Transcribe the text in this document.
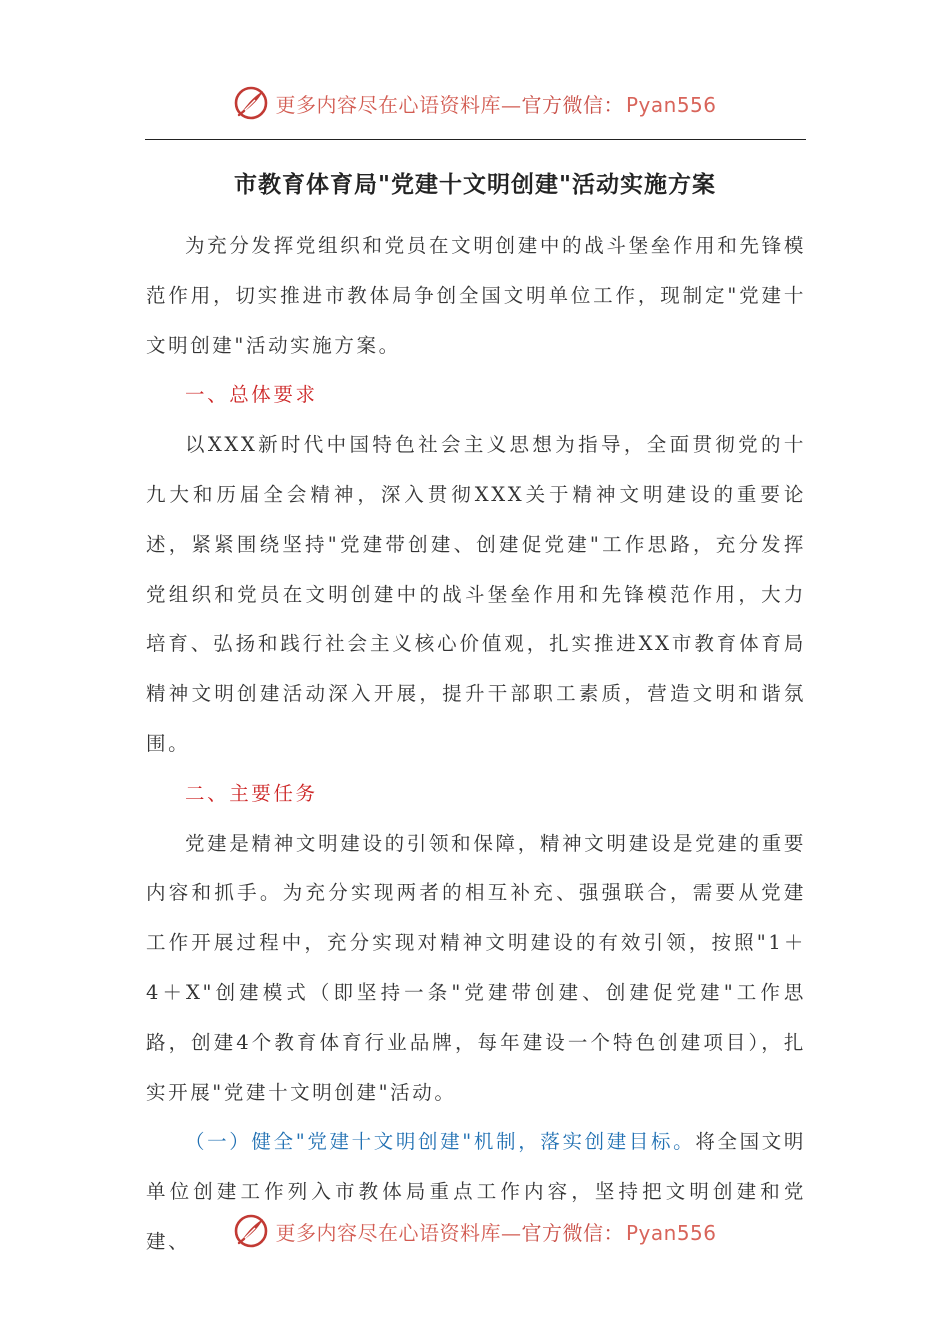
更多内容尽在心语资料库—官方微信： Pyan556
市教育体育局"党建十文明创建"活动实施方案

为充分发挥党组织和党员在文明创建中的战斗堡垒作用和先锋模范作用，切实推进市教体局争创全国文明单位工作，现制定"党建十文明创建"活动实施方案。

一、总体要求

以XXX新时代中国特色社会主义思想为指导，全面贯彻党的十九大和历届全会精神，深入贯彻XXX关于精神文明建设的重要论述，紧紧围绕坚持"党建带创建、创建促党建"工作思路，充分发挥党组织和党员在文明创建中的战斗堡垒作用和先锋模范作用，大力培育、弘扬和践行社会主义核心价值观，扎实推进XX市教育体育局精神文明创建活动深入开展，提升干部职工素质，营造文明和谐氛围。

二、主要任务

党建是精神文明建设的引领和保障，精神文明建设是党建的重要内容和抓手。为充分实现两者的相互补充、强强联合，需要从党建工作开展过程中，充分实现对精神文明建设的有效引领，按照"1＋4＋X"创建模式（即坚持一条"党建带创建、创建促党建"工作思路，创建4个教育体育行业品牌，每年建设一个特色创建项目），扎实开展"党建十文明创建"活动。

（一）健全"党建十文明创建"机制，落实创建目标。将全国文明单位创建工作列入市教体局重点工作内容，坚持把文明创建和党建、	更多内容尽在心语资料库—官方微信： Pyan556
